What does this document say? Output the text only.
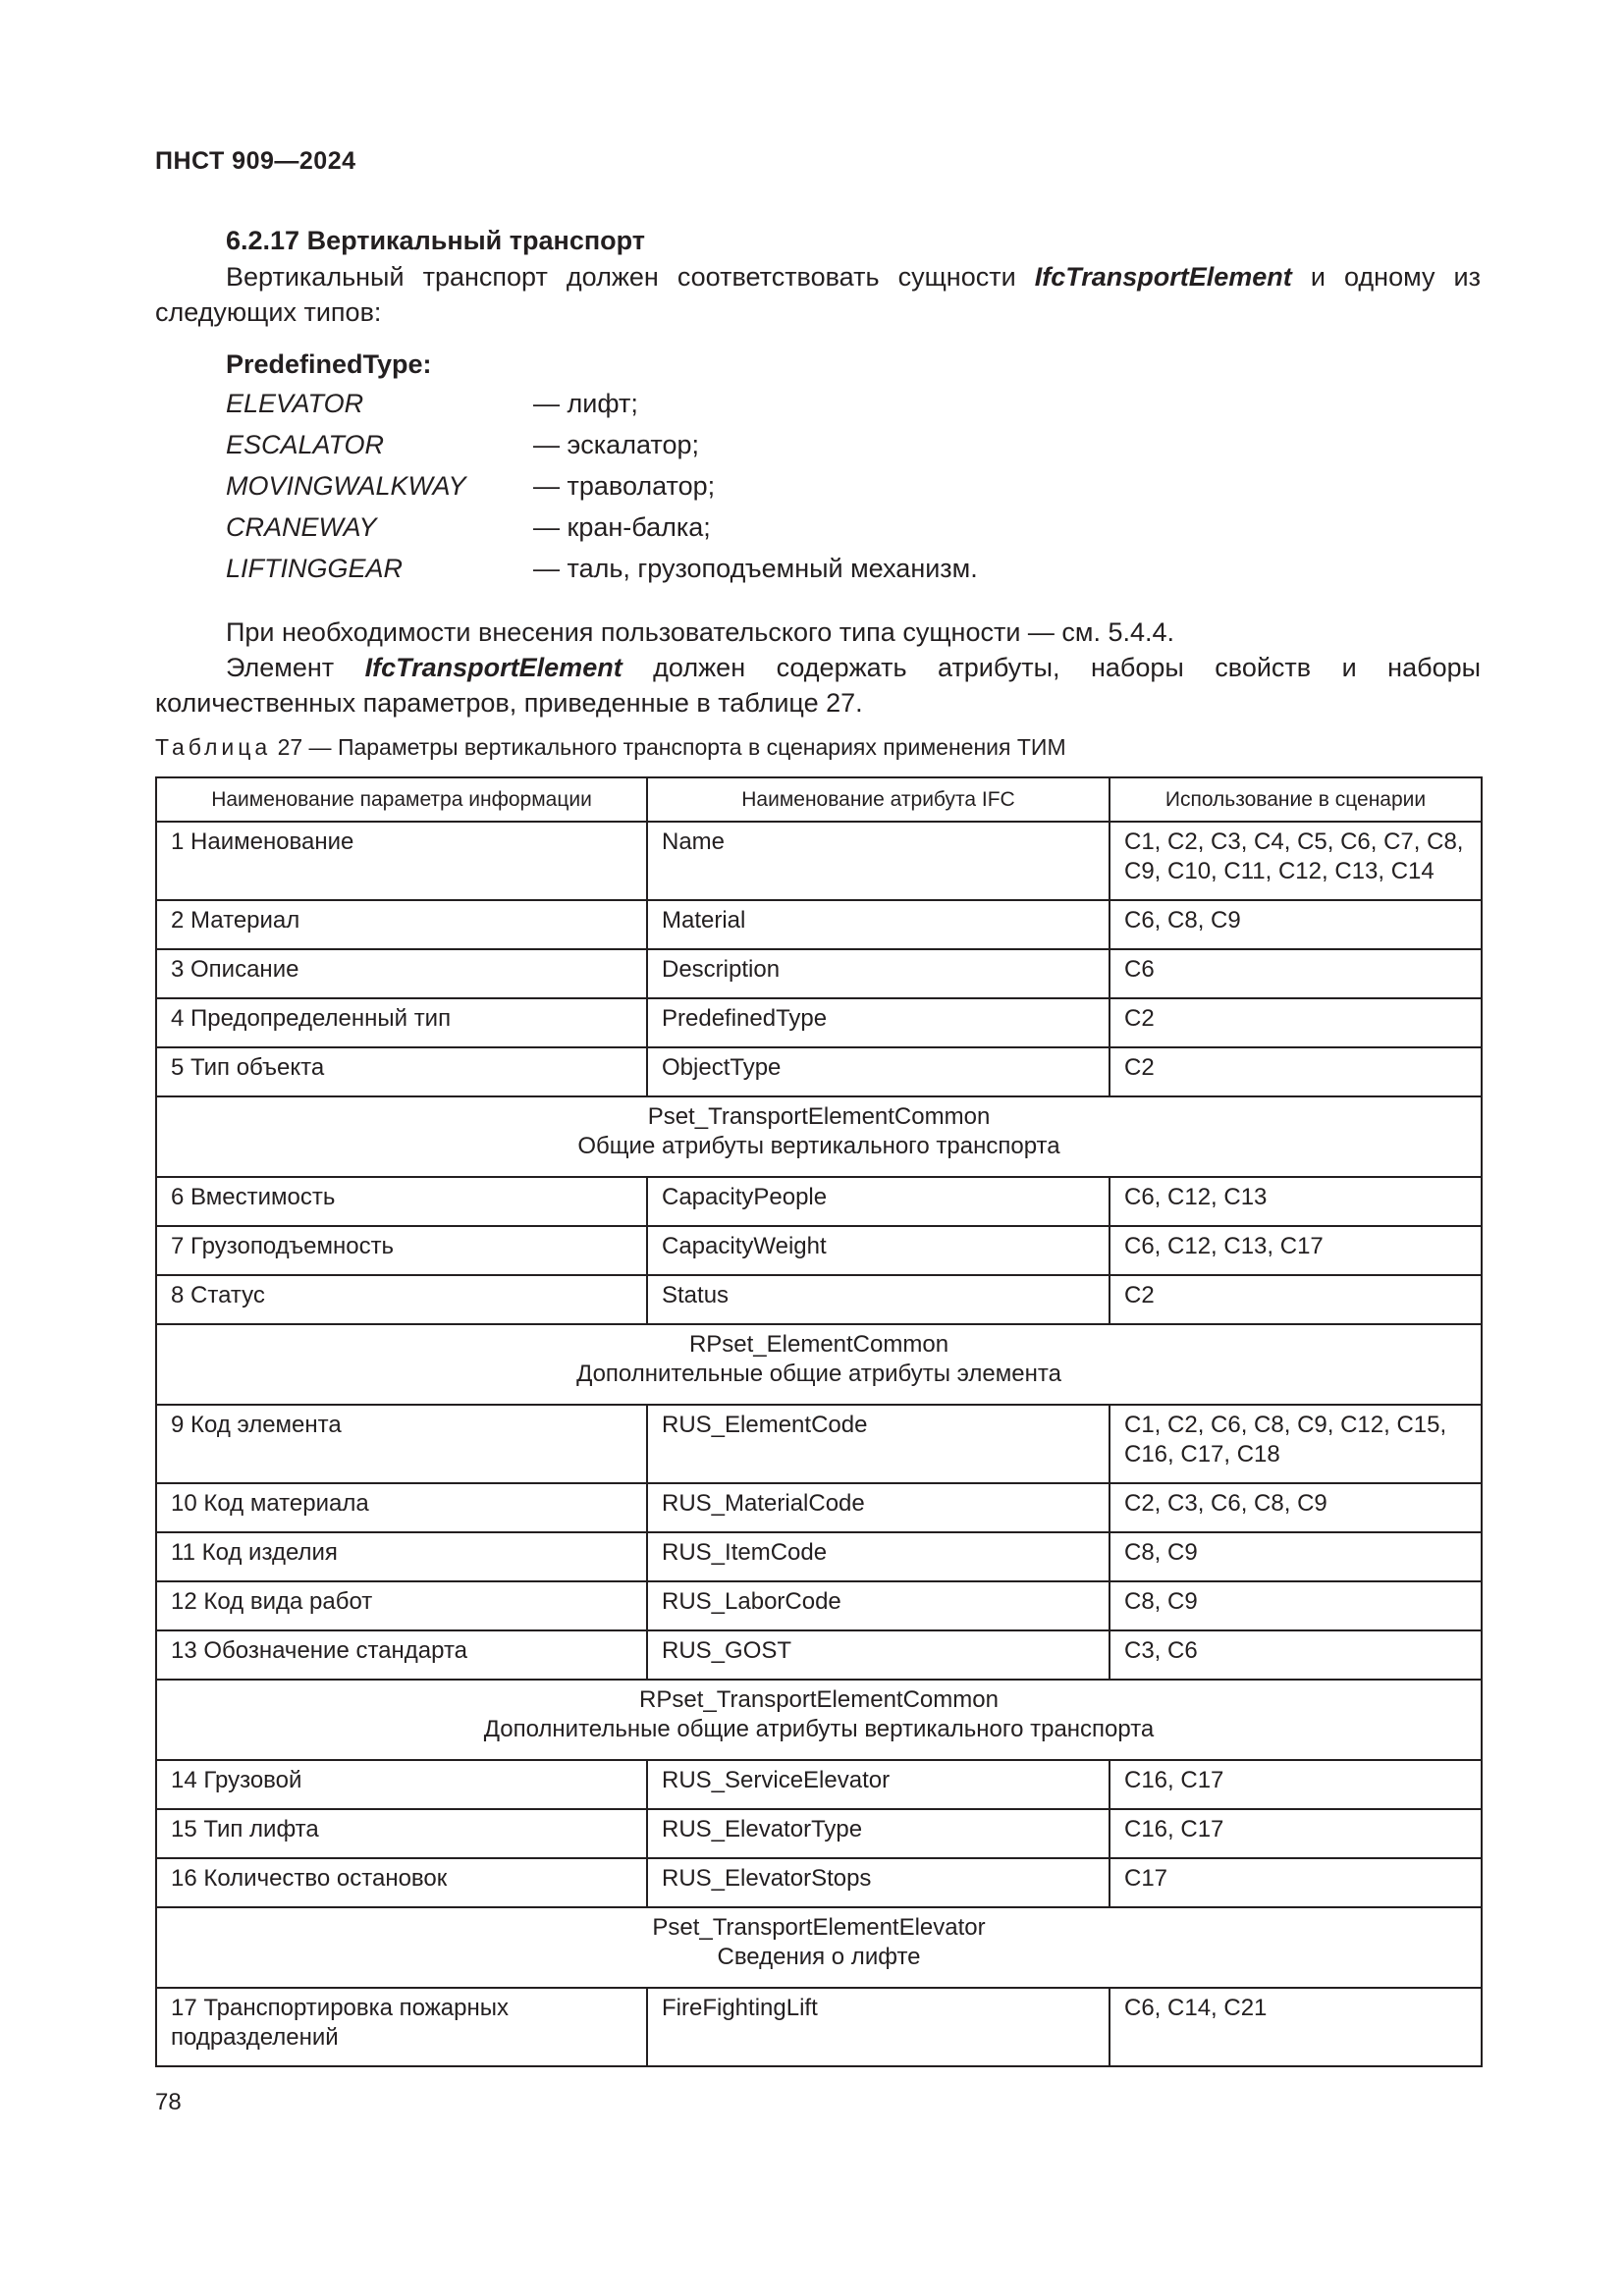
ПНСТ 909—2024
6.2.17 Вертикальный транспорт
Вертикальный транспорт должен соответствовать сущности IfcTransportElement и одному из следующих типов:
PredefinedType:
ELEVATOR	— лифт;
ESCALATOR	— эскалатор;
MOVINGWALKWAY	— траволатор;
CRANEWAY	— кран-балка;
LIFTINGGEAR	— таль, грузоподъемный механизм.
При необходимости внесения пользовательского типа сущности — см. 5.4.4.
Элемент IfcTransportElement должен содержать атрибуты, наборы свойств и наборы количественных параметров, приведенные в таблице 27.
Таблица 27 — Параметры вертикального транспорта в сценариях применения ТИМ
Наименование параметра информации	Наименование атрибута IFC	Использование в сценарии
1 Наименование	Name	C1, C2, C3, C4, C5, C6, C7, C8, C9, C10, C11, C12, C13, C14
2 Материал	Material	C6, C8, C9
3 Описание	Description	C6
4 Предопределенный тип	PredefinedType	C2
5 Тип объекта	ObjectType	C2

Pset_TransportElementCommon
Общие атрибуты вертикального транспорта		

6 Вместимость	CapacityPeople	C6, C12, C13
7 Грузоподъемность	CapacityWeight	C6, C12, C13, C17
8 Статус	Status	C2

RPset_ElementCommon
Дополнительные общие атрибуты элемента		

9 Код элемента	RUS_ElementCode	C1, C2, C6, C8, C9, C12, C15, C16, C17, C18
10 Код материала	RUS_MaterialCode	C2, C3, C6, C8, C9
11 Код изделия	RUS_ItemCode	C8, C9
12 Код вида работ	RUS_LaborCode	C8, C9
13 Обозначение стандарта	RUS_GOST	C3, C6

RPset_TransportElementCommon
Дополнительные общие атрибуты вертикального транспорта		

14 Грузовой	RUS_ServiceElevator	C16, C17
15 Тип лифта	RUS_ElevatorType	C16, C17
16 Количество остановок	RUS_ElevatorStops	C17

Pset_TransportElementElevator
Сведения о лифте		

17 Транспортировка пожарных подразделений	FireFightingLift	C6, C14, C21
78
